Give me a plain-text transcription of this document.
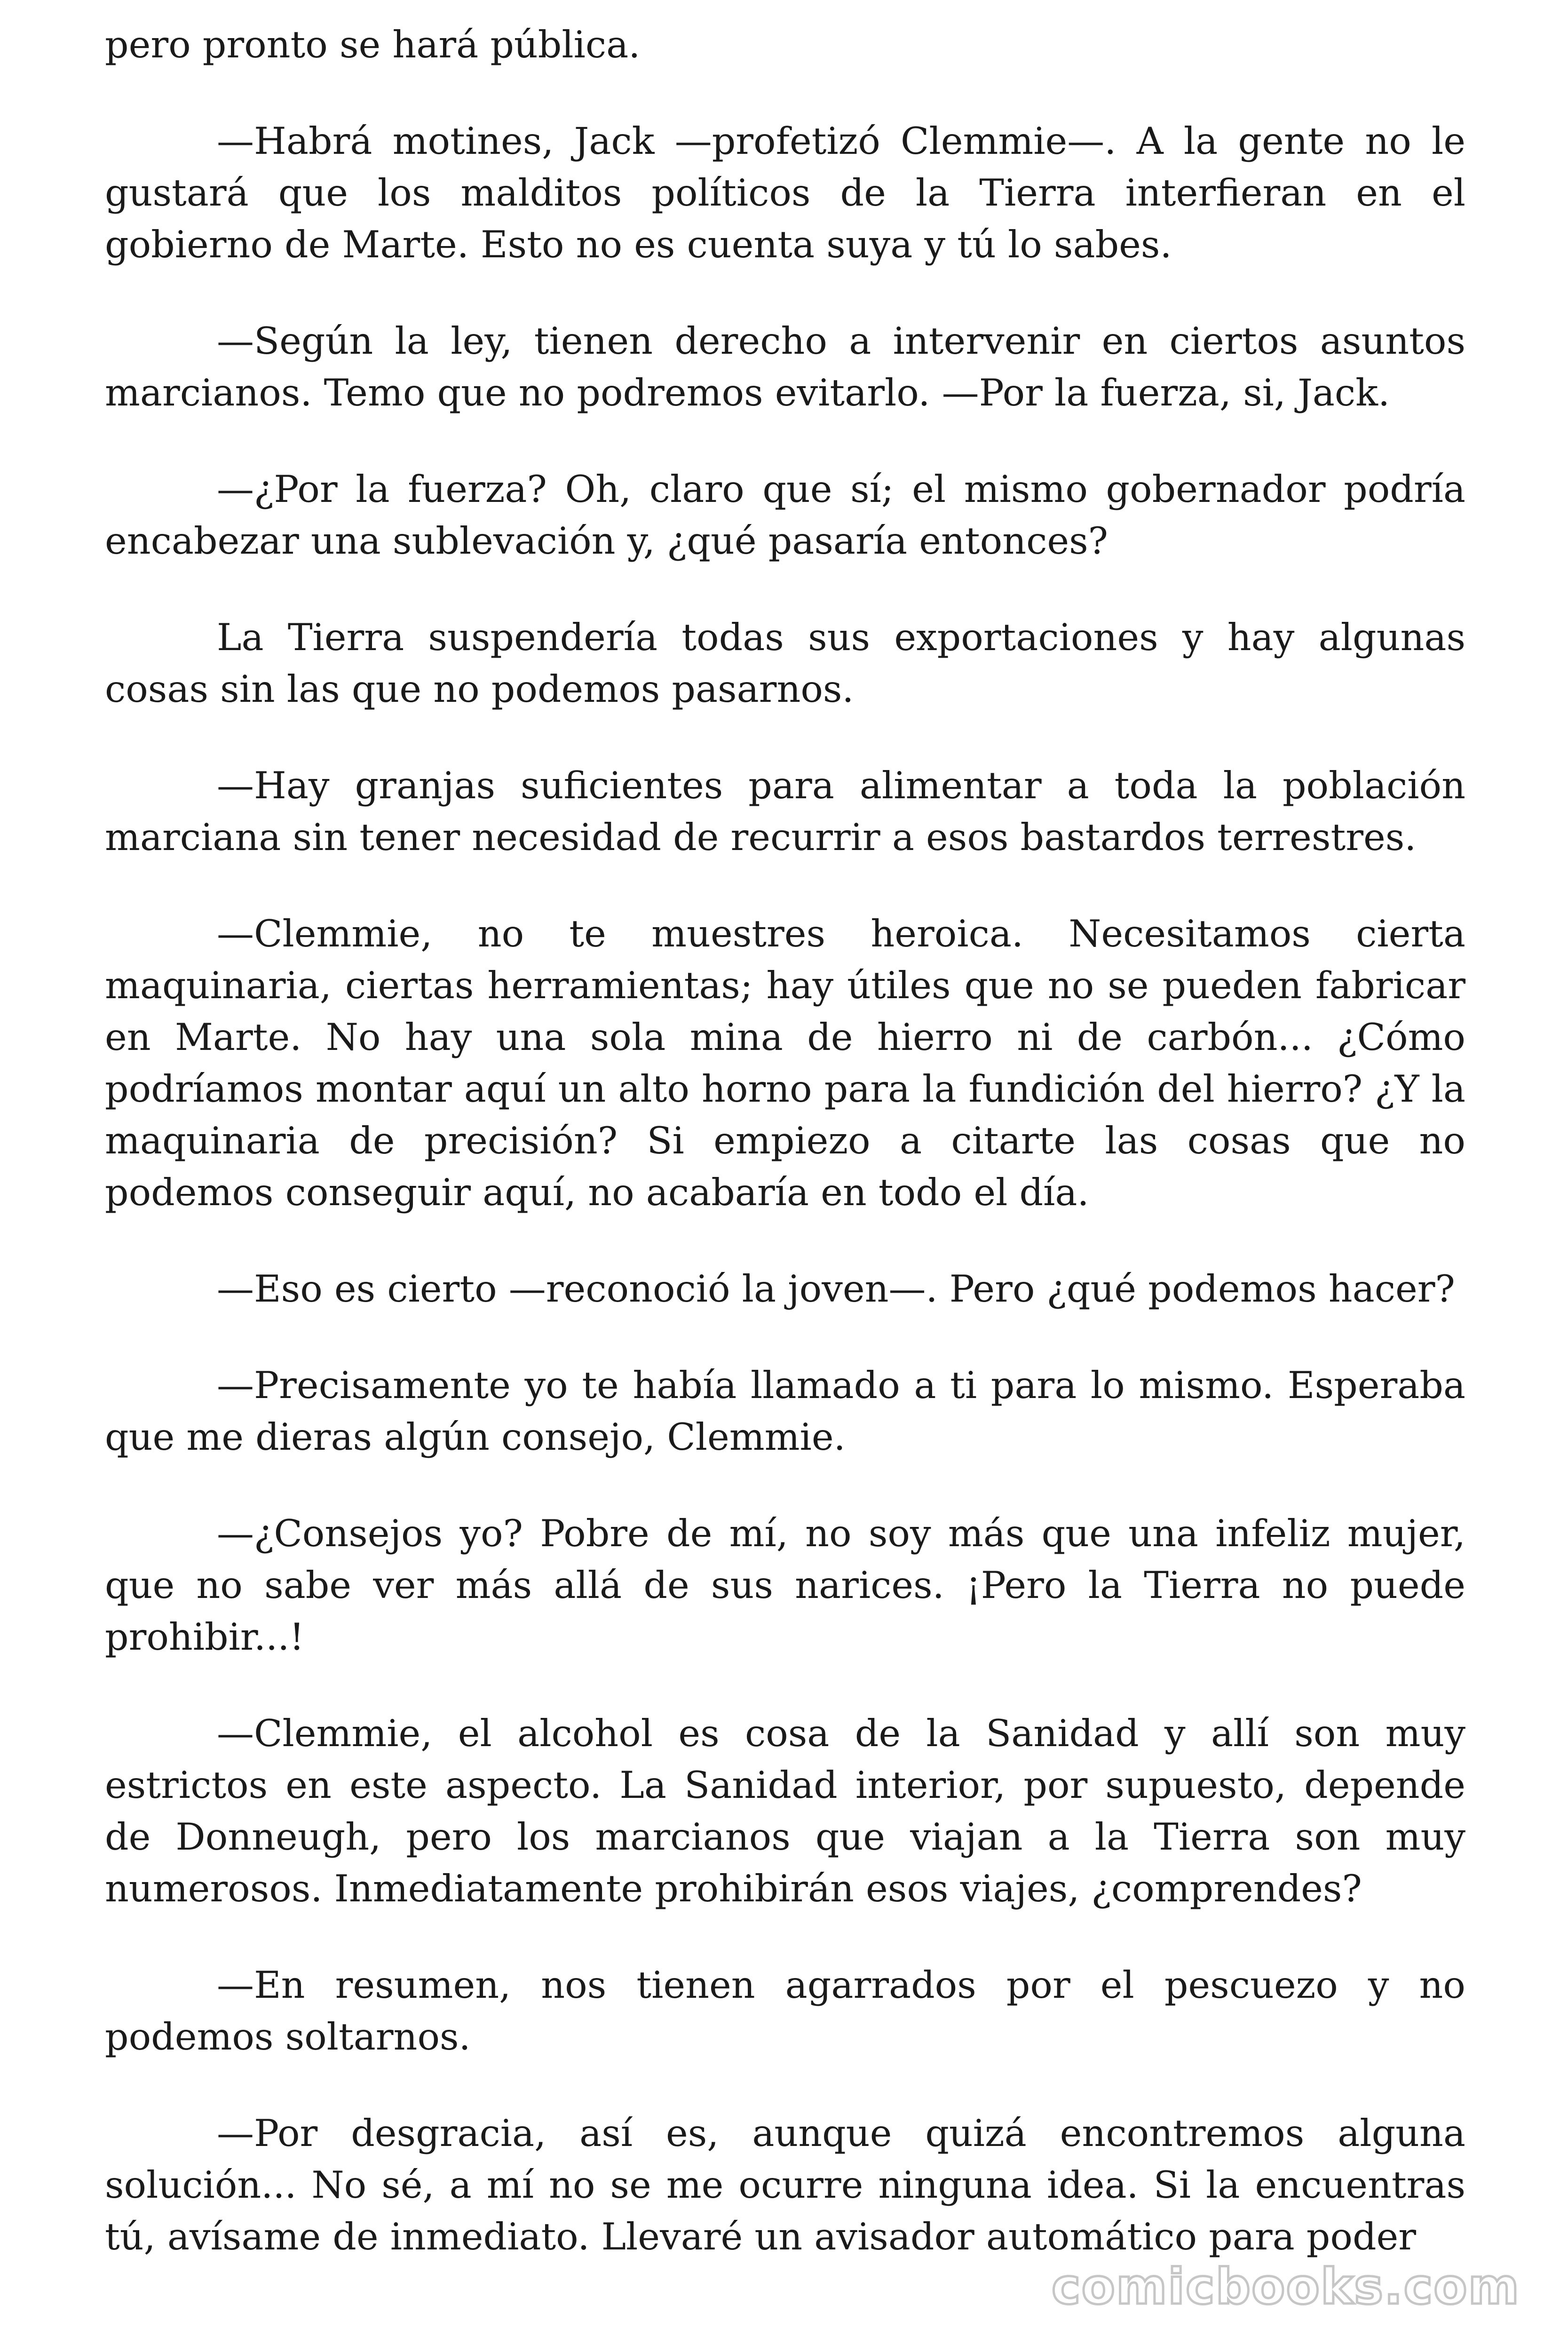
pero pronto se hará pública.

—Habrá motines, Jack —profetizó Clemmie—. A la gente no le gustará que los malditos políticos de la Tierra interfieran en el gobierno de Marte. Esto no es cuenta suya y tú lo sabes.

—Según la ley, tienen derecho a intervenir en ciertos asuntos marcianos. Temo que no podremos evitarlo. —Por la fuerza, si, Jack.

—¿Por la fuerza? Oh, claro que sí; el mismo gobernador podría encabezar una sublevación y, ¿qué pasaría entonces?

La Tierra suspendería todas sus exportaciones y hay algunas cosas sin las que no podemos pasarnos.

—Hay granjas suficientes para alimentar a toda la población marciana sin tener necesidad de recurrir a esos bastardos terrestres.

—Clemmie, no te muestres heroica. Necesitamos cierta maquinaria, ciertas herramientas; hay útiles que no se pueden fabricar en Marte. No hay una sola mina de hierro ni de carbón... ¿Cómo podríamos montar aquí un alto horno para la fundición del hierro? ¿Y la maquinaria de precisión? Si empiezo a citarte las cosas que no podemos conseguir aquí, no acabaría en todo el día.

—Eso es cierto —reconoció la joven—. Pero ¿qué podemos hacer?

—Precisamente yo te había llamado a ti para lo mismo. Esperaba que me dieras algún consejo, Clemmie.

—¿Consejos yo? Pobre de mí, no soy más que una infeliz mujer, que no sabe ver más allá de sus narices. ¡Pero la Tierra no puede prohibir...!

—Clemmie, el alcohol es cosa de la Sanidad y allí son muy estrictos en este aspecto. La Sanidad interior, por supuesto, depende de Donneugh, pero los marcianos que viajan a la Tierra son muy numerosos. Inmediatamente prohibirán esos viajes, ¿comprendes?

—En resumen, nos tienen agarrados por el pescuezo y no podemos soltarnos.

—Por desgracia, así es, aunque quizá encontremos alguna solución... No sé, a mí no se me ocurre ninguna idea. Si la encuentras tú, avísame de inmediato. Llevaré un avisador automático para poder

comicbooks.com
